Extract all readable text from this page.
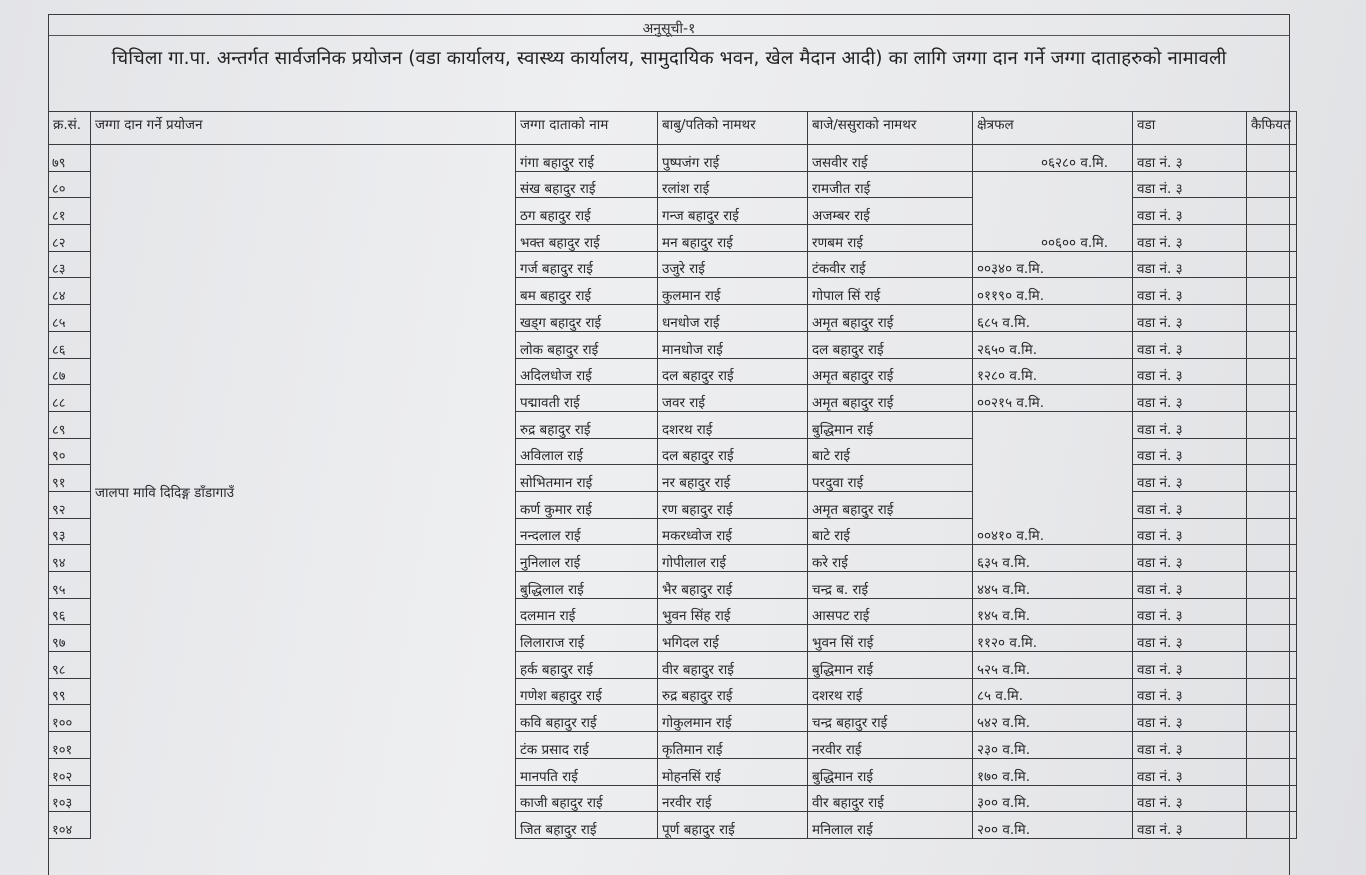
अनुसूची-१
चिचिला गा.पा. अन्तर्गत सार्वजनिक प्रयोजन (वडा कार्यालय, स्वास्थ्य कार्यालय, सामुदायिक भवन, खेल मैदान आदी) का लागि जग्गा दान गर्ने जग्गा दाताहरुको नामावली
क्र.सं.	जग्गा दान गर्ने प्रयोजन	जग्गा दाताको नाम	बाबु/पतिको नामथर	बाजे/ससुराको नामथर	क्षेत्रफल	वडा	कैफियत
७९	जालपा मावि दिदिङ्ग डाँडागाउँ	गंगा बहादुर राई	पुष्पजंग राई	जसवीर राई	०६२८० व.मि.	वडा नं. ३	
८०		संख बहादुर राई	रलांश राई	रामजीत राई	००६०० व.मि.	वडा नं. ३	
८१		ठग बहादुर राई	गन्ज बहादुर राई	अजम्बर राई		वडा नं. ३	
८२		भक्त बहादुर राई	मन बहादुर राई	रणबम राई		वडा नं. ३	
८३		गर्ज बहादुर राई	उजुरे राई	टंकवीर राई	००३४० व.मि.	वडा नं. ३	
८४		बम बहादुर राई	कुलमान राई	गोपाल सिं राई	०११९० व.मि.	वडा नं. ३	
८५		खड्ग बहादुर राई	धनधोज राई	अमृत बहादुर राई	६८५ व.मि.	वडा नं. ३	
८६		लोक बहादुर राई	मानधोज राई	दल बहादुर राई	२६५० व.मि.	वडा नं. ३	
८७		अदिलधोज राई	दल बहादुर राई	अमृत बहादुर राई	१२८० व.मि.	वडा नं. ३	
८८		पद्मावती राई	जवर राई	अमृत बहादुर राई	००२१५ व.मि.	वडा नं. ३	
८९		रुद्र बहादुर राई	दशरथ राई	बुद्धिमान राई	००४१० व.मि.	वडा नं. ३	
९०		अविलाल राई	दल बहादुर राई	बाटे राई		वडा नं. ३	
९१		सोभितमान राई	नर बहादुर राई	परदुवा राई		वडा नं. ३	
९२		कर्ण कुमार राई	रण बहादुर राई	अमृत बहादुर राई		वडा नं. ३	
९३		नन्दलाल राई	मकरध्वोज राई	बाटे राई		वडा नं. ३	
९४		नुनिलाल राई	गोपीलाल राई	करे राई	६३५ व.मि.	वडा नं. ३	
९५		बुद्धिलाल राई	भैर बहादुर राई	चन्द्र ब. राई	४४५ व.मि.	वडा नं. ३	
९६		दलमान राई	भुवन सिंह राई	आसपट राई	१४५ व.मि.	वडा नं. ३	
९७		लिलाराज राई	भगिदल राई	भुवन सिं राई	११२० व.मि.	वडा नं. ३	
९८		हर्क बहादुर राई	वीर बहादुर राई	बुद्धिमान राई	५२५ व.मि.	वडा नं. ३	
९९		गणेश बहादुर राई	रुद्र बहादुर राई	दशरथ राई	८५ व.मि.	वडा नं. ३	
१००		कवि बहादुर राई	गोकुलमान राई	चन्द्र बहादुर राई	५४२ व.मि.	वडा नं. ३	
१०१		टंक प्रसाद राई	कृतिमान राई	नरवीर राई	२३० व.मि.	वडा नं. ३	
१०२		मानपति राई	मोहनसिं राई	बुद्धिमान राई	१७० व.मि.	वडा नं. ३	
१०३		काजी बहादुर राई	नरवीर राई	वीर बहादुर राई	३०० व.मि.	वडा नं. ३	
१०४		जित बहादुर राई	पूर्ण बहादुर राई	मनिलाल राई	२०० व.मि.	वडा नं. ३	
